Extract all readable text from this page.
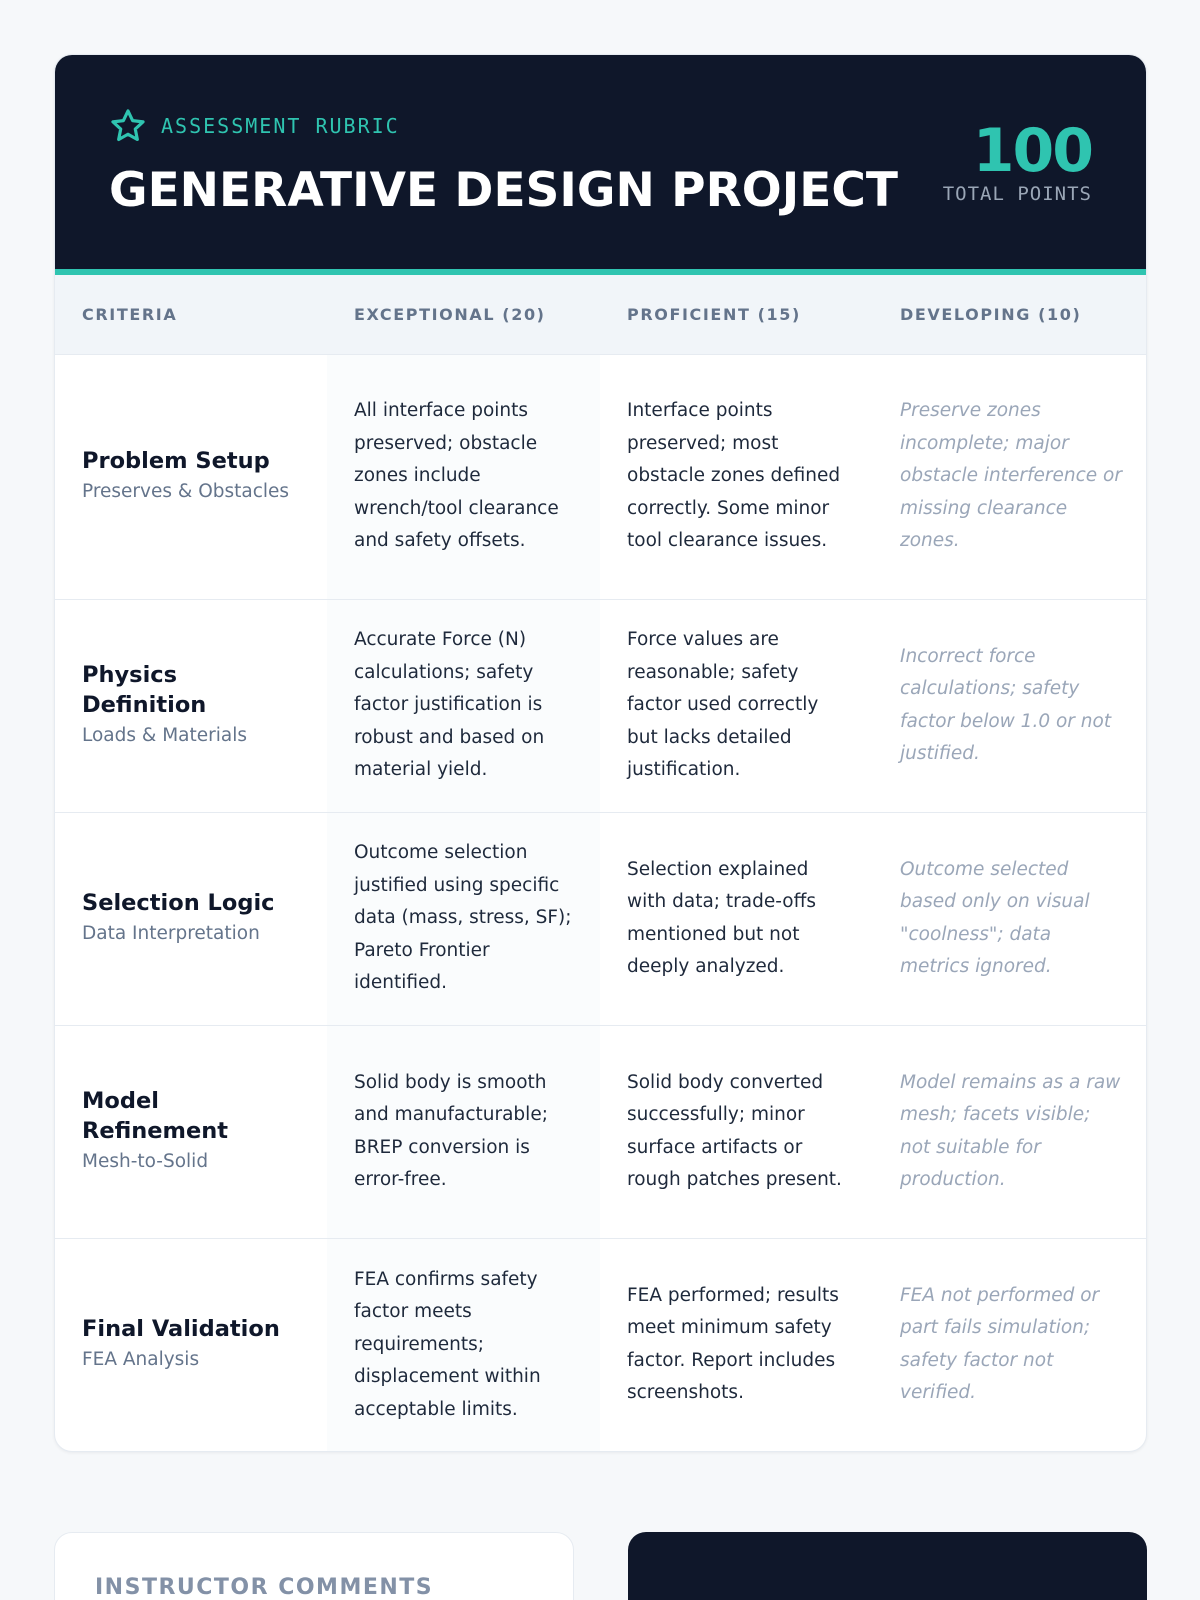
ASSESSMENT RUBRIC
GENERATIVE DESIGN PROJECT
100
TOTAL POINTS
CRITERIA	EXCEPTIONAL (20)	PROFICIENT (15)	DEVELOPING (10)

Problem Setup
Preserves & Obstacles	All interface points preserved; obstacle zones include wrench/tool clearance and safety offsets.	Interface points preserved; most obstacle zones defined correctly. Some minor tool clearance issues.	Preserve zones incomplete; major obstacle interference or missing clearance zones.

Physics Definition
Loads & Materials	Accurate Force (N) calculations; safety factor justification is robust and based on material yield.	Force values are reasonable; safety factor used correctly but lacks detailed justification.	Incorrect force calculations; safety factor below 1.0 or not justified.

Selection Logic
Data Interpretation	Outcome selection justified using specific data (mass, stress, SF); Pareto Frontier identified.	Selection explained with data; trade-offs mentioned but not deeply analyzed.	Outcome selected based only on visual "coolness"; data metrics ignored.

Model Refinement
Mesh-to-Solid	Solid body is smooth and manufacturable; BREP conversion is error-free.	Solid body converted successfully; minor surface artifacts or rough patches present.	Model remains as a raw mesh; facets visible; not suitable for production.

Final Validation
FEA Analysis	FEA confirms safety factor meets requirements; displacement within acceptable limits.	FEA performed; results meet minimum safety factor. Report includes screenshots.	FEA not performed or part fails simulation; safety factor not verified.
INSTRUCTOR COMMENTS
